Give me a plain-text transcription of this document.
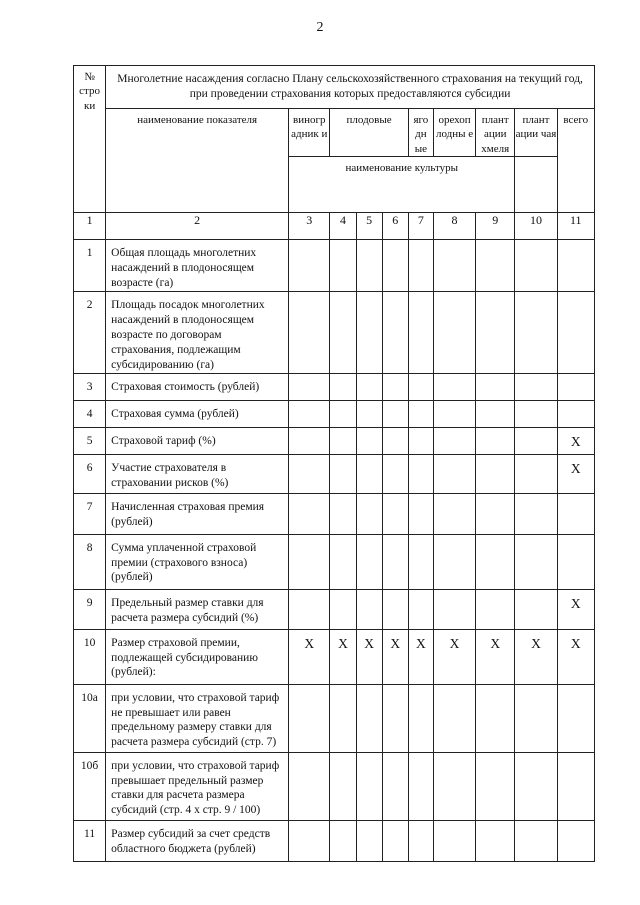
2
№ стро ки	Многолетние насаждения согласно Плану сельскохозяйственного страхования на текущий год, при проведении страхования которых предоставляются субсидии									
	наименование показателя	виногр адник и	плодовые			яго дн ые	орехоп лодны е	плант ации хмеля	плант ации чая	всего

		наименование культуры								
1	2	3	4	5	6	7	8	9	10	11
1	Общая площадь многолетних насаждений в плодоносящем возрасте (га)									
2	Площадь посадок многолетних насаждений в плодоносящем возрасте по договорам страхования, подлежащим субсидированию (га)									
3	Страховая стоимость (рублей)									
4	Страховая сумма (рублей)									
5	Страховой тариф (%)									X
6	Участие страхователя в страховании рисков (%)									X
7	Начисленная страховая премия (рублей)									
8	Сумма уплаченной страховой премии (страхового взноса) (рублей)									
9	Предельный размер ставки для расчета размера субсидий (%)									X
10	Размер страховой премии, подлежащей субсидированию (рублей):	X	X	X	X	X	X	X	X	X
10а	при условии, что страховой тариф не превышает или равен предельному размеру ставки для расчета размера субсидий (стр. 7)									
10б	при условии, что страховой тариф превышает предельный размер ставки для расчета размера субсидий (стр. 4 x стр. 9 / 100)									
11	Размер субсидий за счет средств областного бюджета (рублей)									
